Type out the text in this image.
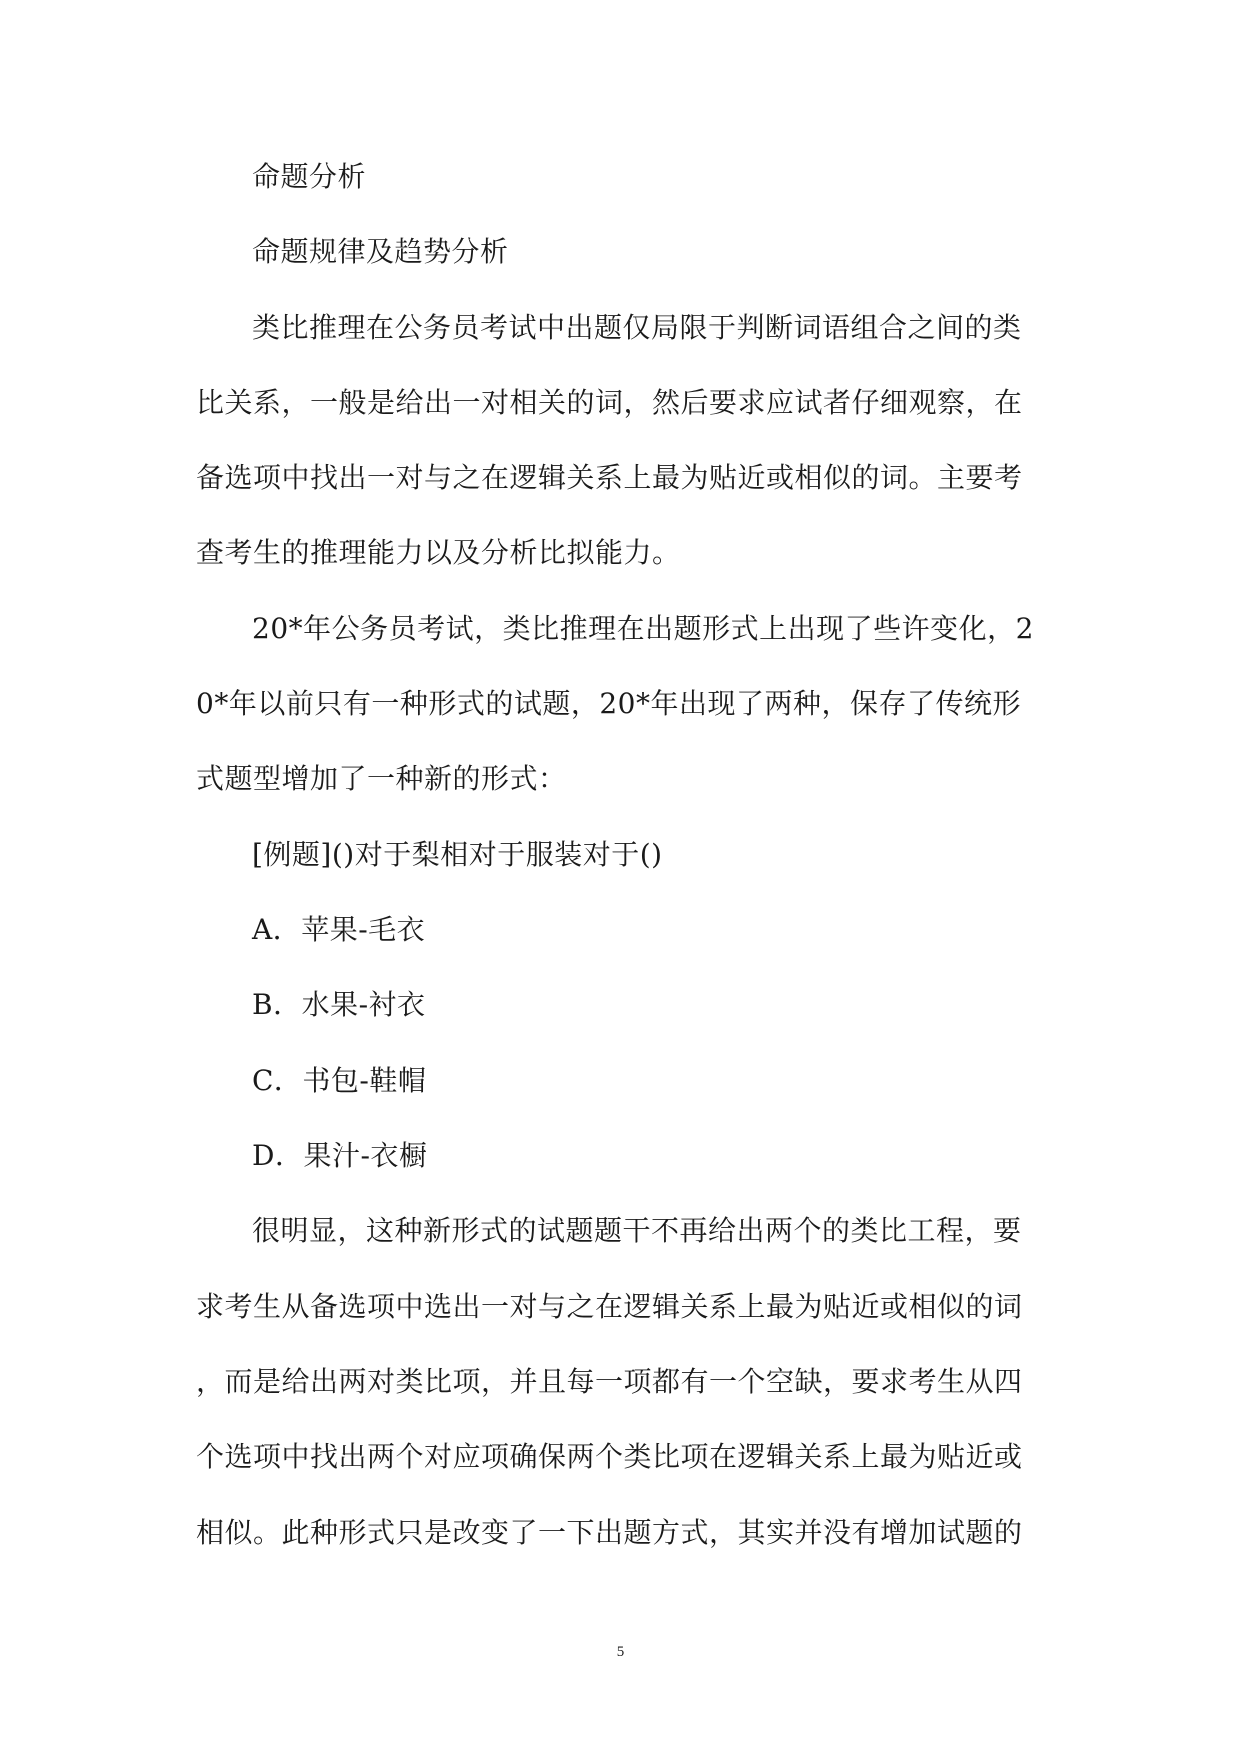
命题分析
命题规律及趋势分析
类比推理在公务员考试中出题仅局限于判断词语组合之间的类
比关系，一般是给出一对相关的词，然后要求应试者仔细观察，在
备选项中找出一对与之在逻辑关系上最为贴近或相似的词。主要考
查考生的推理能力以及分析比拟能力。
20*年公务员考试，类比推理在出题形式上出现了些许变化，2
0*年以前只有一种形式的试题，20*年出现了两种，保存了传统形
式题型增加了一种新的形式：
[例题]()对于梨相对于服装对于()
A．苹果-毛衣
B．水果-衬衣
C．书包-鞋帽
D．果汁-衣橱
很明显，这种新形式的试题题干不再给出两个的类比工程，要
求考生从备选项中选出一对与之在逻辑关系上最为贴近或相似的词
，而是给出两对类比项，并且每一项都有一个空缺，要求考生从四
个选项中找出两个对应项确保两个类比项在逻辑关系上最为贴近或
相似。此种形式只是改变了一下出题方式，其实并没有增加试题的
5
